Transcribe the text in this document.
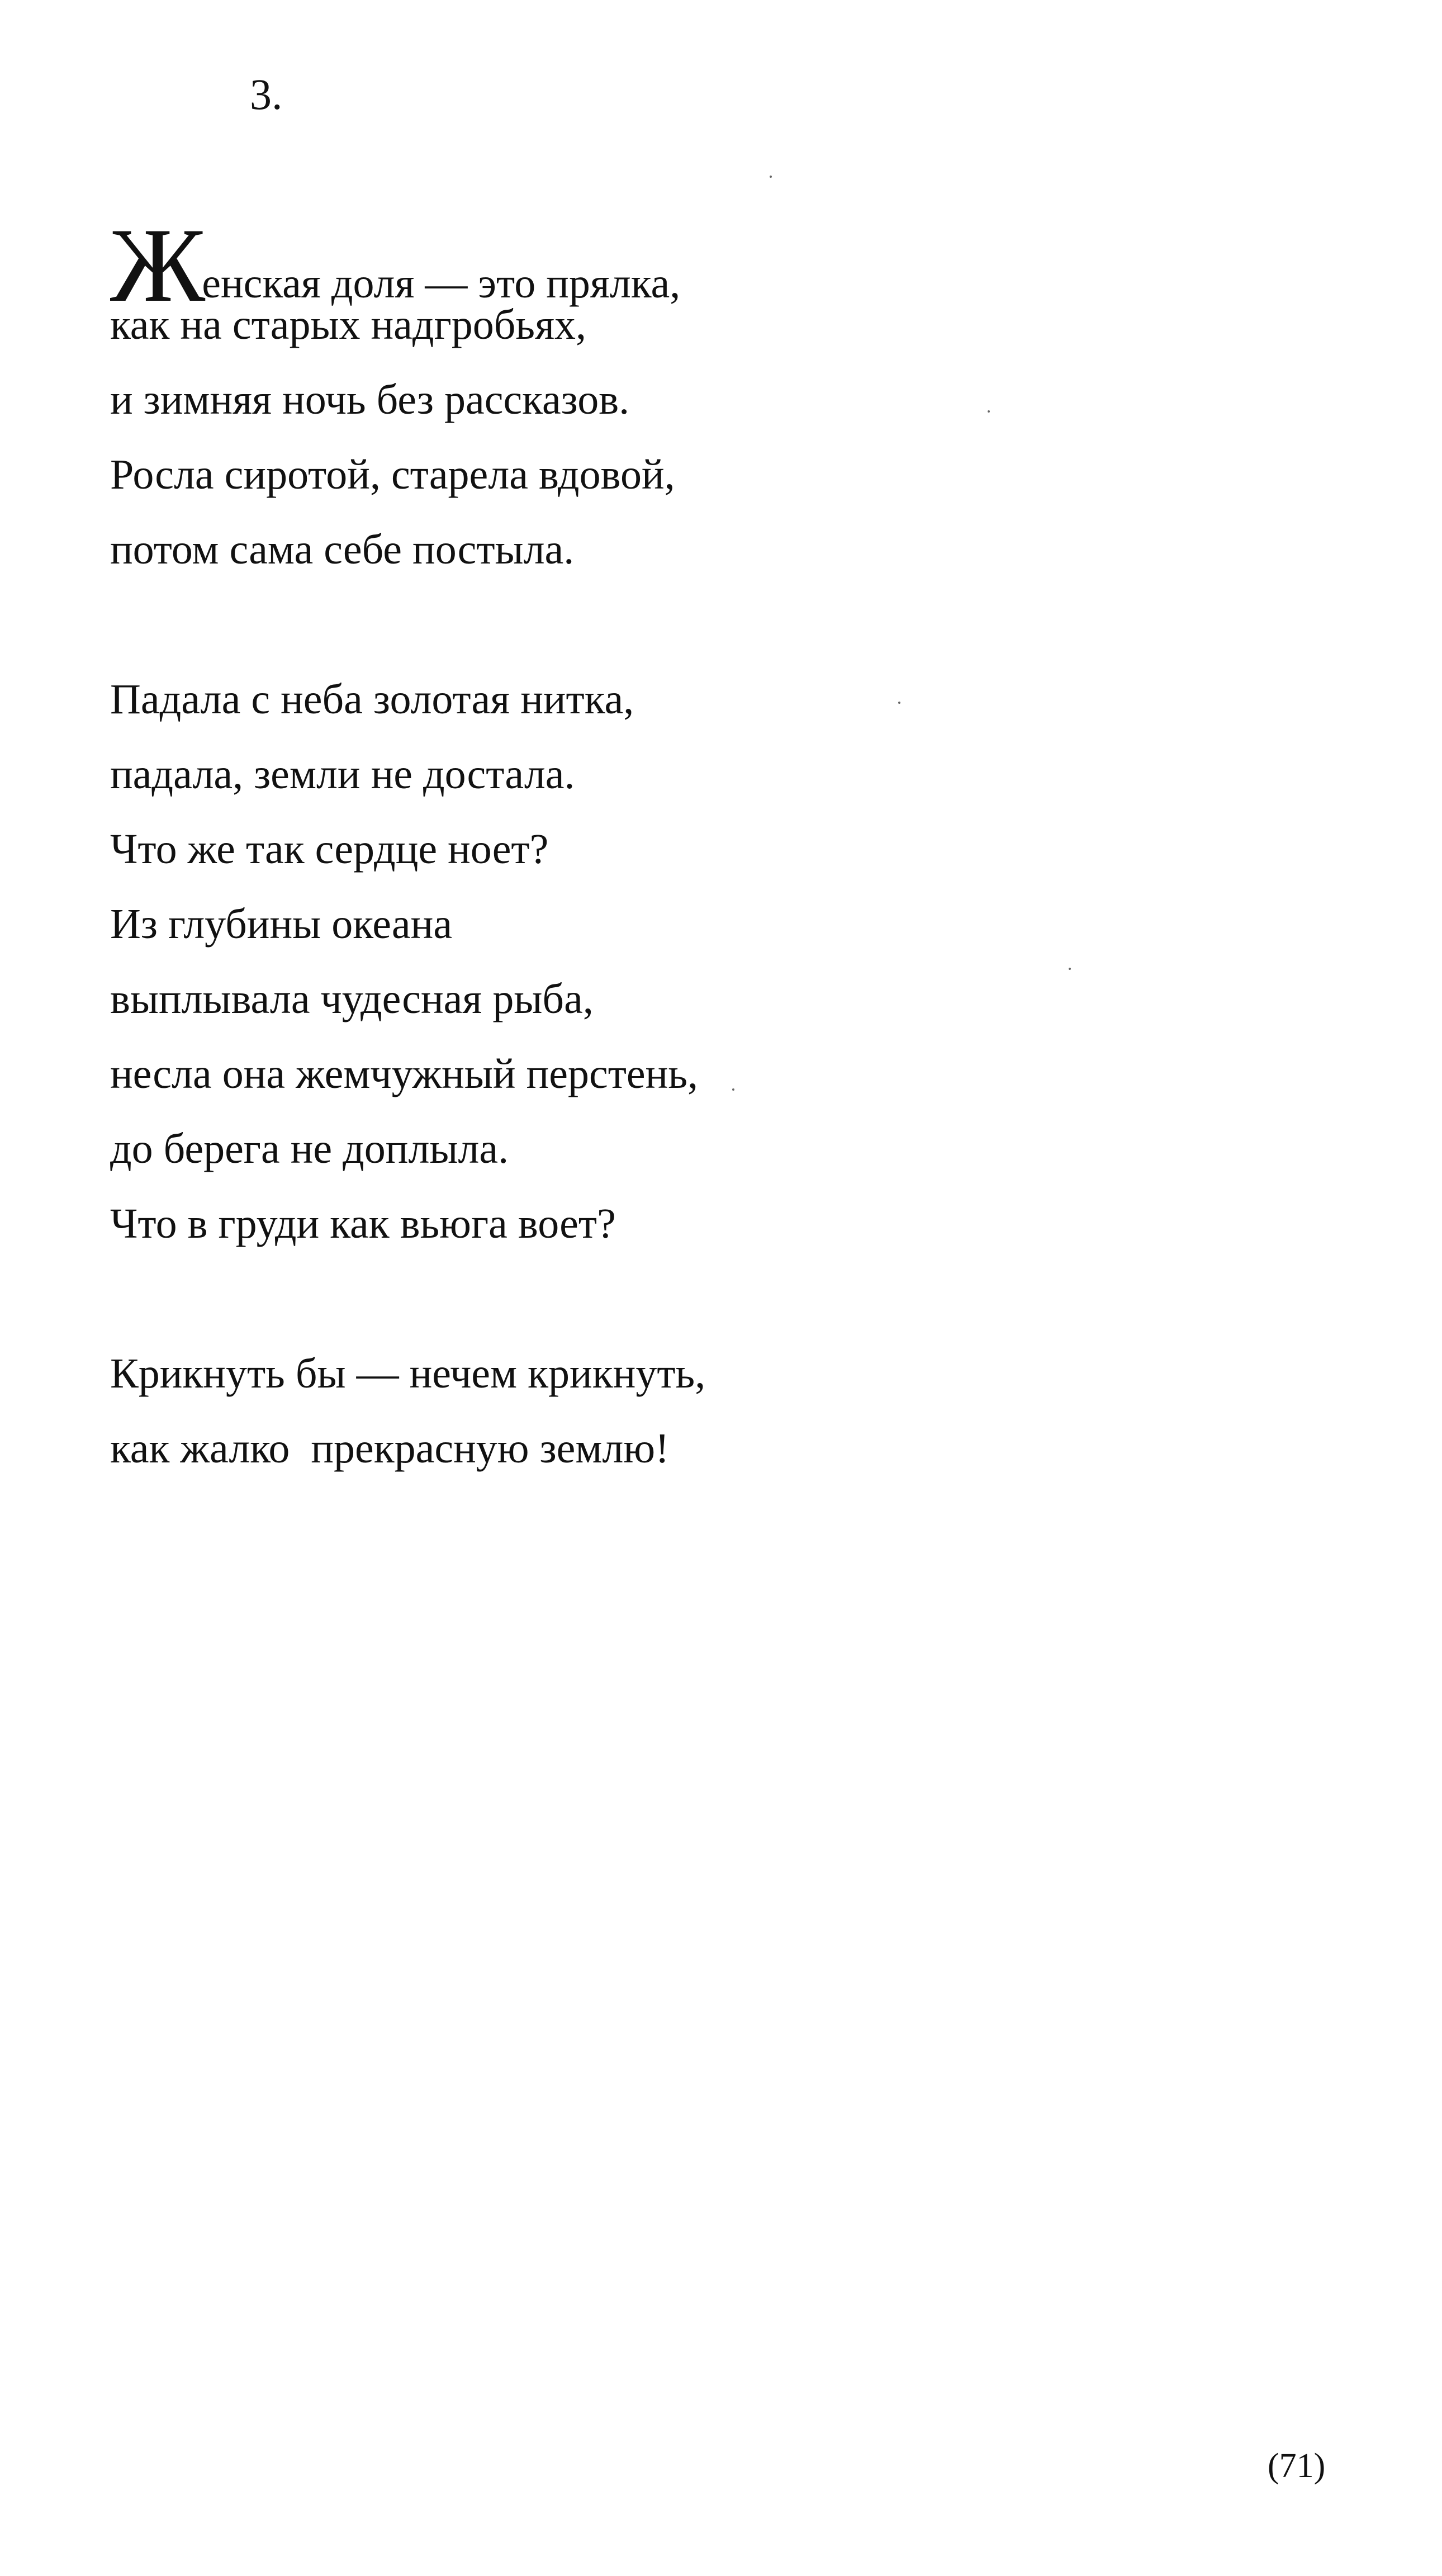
3.
Женская доля — это прялка,
как на старых надгробьях,
и зимняя ночь без рассказов.
Росла сиротой, старела вдовой,
потом сама себе постыла.
Падала с неба золотая нитка,
падала, земли не достала.
Что же так сердце ноет?
Из глубины океана
выплывала чудесная рыба,
несла она жемчужный перстень,
до берега не доплыла.
Что в груди как вьюга воет?
Крикнуть бы — нечем крикнуть,
как жалко  прекрасную землю!
(71)
